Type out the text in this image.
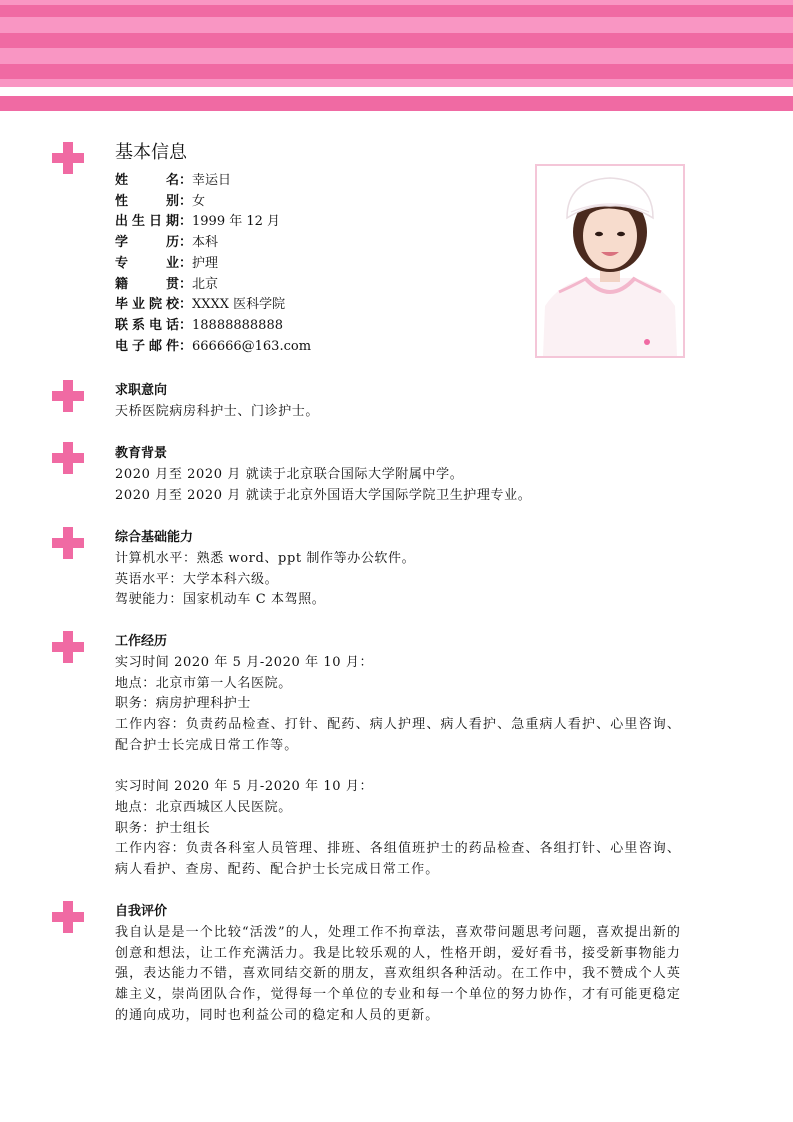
基本信息
姓名：幸运日
性别：女
出生日期：1999 年 12 月
学历：本科
专业：护理
籍贯：北京
毕业院校：XXXX 医科学院
联系电话：18888888888
电子邮件：666666@163.com
求职意向
天桥医院病房科护士、门诊护士。
教育背景
2020 月至 2020 月 就读于北京联合国际大学附属中学。
2020 月至 2020 月 就读于北京外国语大学国际学院卫生护理专业。
综合基础能力
计算机水平：熟悉 word、ppt 制作等办公软件。
英语水平：大学本科六级。
驾驶能力：国家机动车 C 本驾照。
工作经历
实习时间 2020 年 5 月-2020 年 10 月：
地点：北京市第一人名医院。
职务：病房护理科护士
工作内容：负责药品检查、打针、配药、病人护理、病人看护、急重病人看护、心里咨询、配合护士长完成日常工作等。
实习时间 2020 年 5 月-2020 年 10 月：
地点：北京西城区人民医院。
职务：护士组长
工作内容：负责各科室人员管理、排班、各组值班护士的药品检查、各组打针、心里咨询、病人看护、查房、配药、配合护士长完成日常工作。
自我评价
我自认是是一个比较“活泼”的人，处理工作不拘章法，喜欢带问题思考问题，喜欢提出新的创意和想法，让工作充满活力。我是比较乐观的人，性格开朗，爱好看书，接受新事物能力强，表达能力不错，喜欢同结交新的朋友，喜欢组织各种活动。在工作中，我不赞成个人英雄主义，崇尚团队合作，觉得每一个单位的专业和每一个单位的努力协作，才有可能更稳定的通向成功，同时也利益公司的稳定和人员的更新。
